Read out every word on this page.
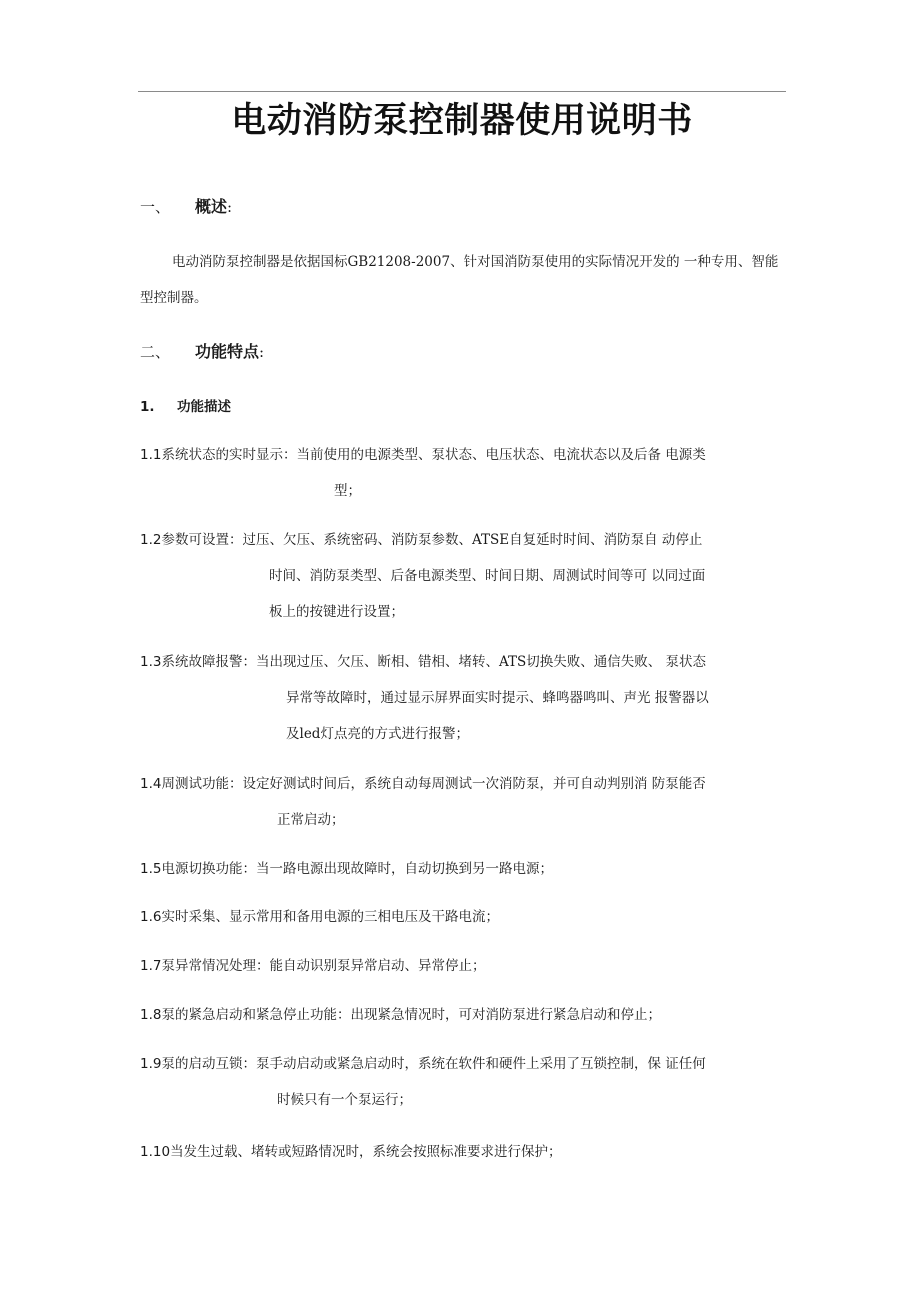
电动消防泵控制器使用说明书
一、 概述:

电动消防泵控制器是依据国标GB21208-2007、针对国消防泵使用的实际情况开发的 一种专用、智能型控制器。

二、 功能特点:
1. 功能描述
1.1系统状态的实时显示：当前使用的电源类型、泵状态、电压状态、电流状态以及后备 电源类
型；
1.2参数可设置：过压、欠压、系统密码、消防泵参数、ATSE自复延时时间、消防泵自 动停止
时间、消防泵类型、后备电源类型、时间日期、周测试时间等可 以同过面
板上的按键进行设置；
1.3系统故障报警：当出现过压、欠压、断相、错相、堵转、ATS切换失败、通信失败、 泵状态
异常等故障时，通过显示屏界面实时提示、蜂鸣器鸣叫、声光 报警器以
及led灯点亮的方式进行报警；
1.4周测试功能：设定好测试时间后，系统自动每周测试一次消防泵，并可自动判别消 防泵能否
正常启动；
1.5电源切换功能：当一路电源出现故障时，自动切换到另一路电源；
1.6实时采集、显示常用和备用电源的三相电压及干路电流；
1.7泵异常情况处理：能自动识别泵异常启动、异常停止；
1.8泵的紧急启动和紧急停止功能：出现紧急情况时，可对消防泵进行紧急启动和停止；
1.9泵的启动互锁：泵手动启动或紧急启动时，系统在软件和硬件上采用了互锁控制，保 证任何
时候只有一个泵运行；
1.10当发生过载、堵转或短路情况时，系统会按照标准要求进行保护；
